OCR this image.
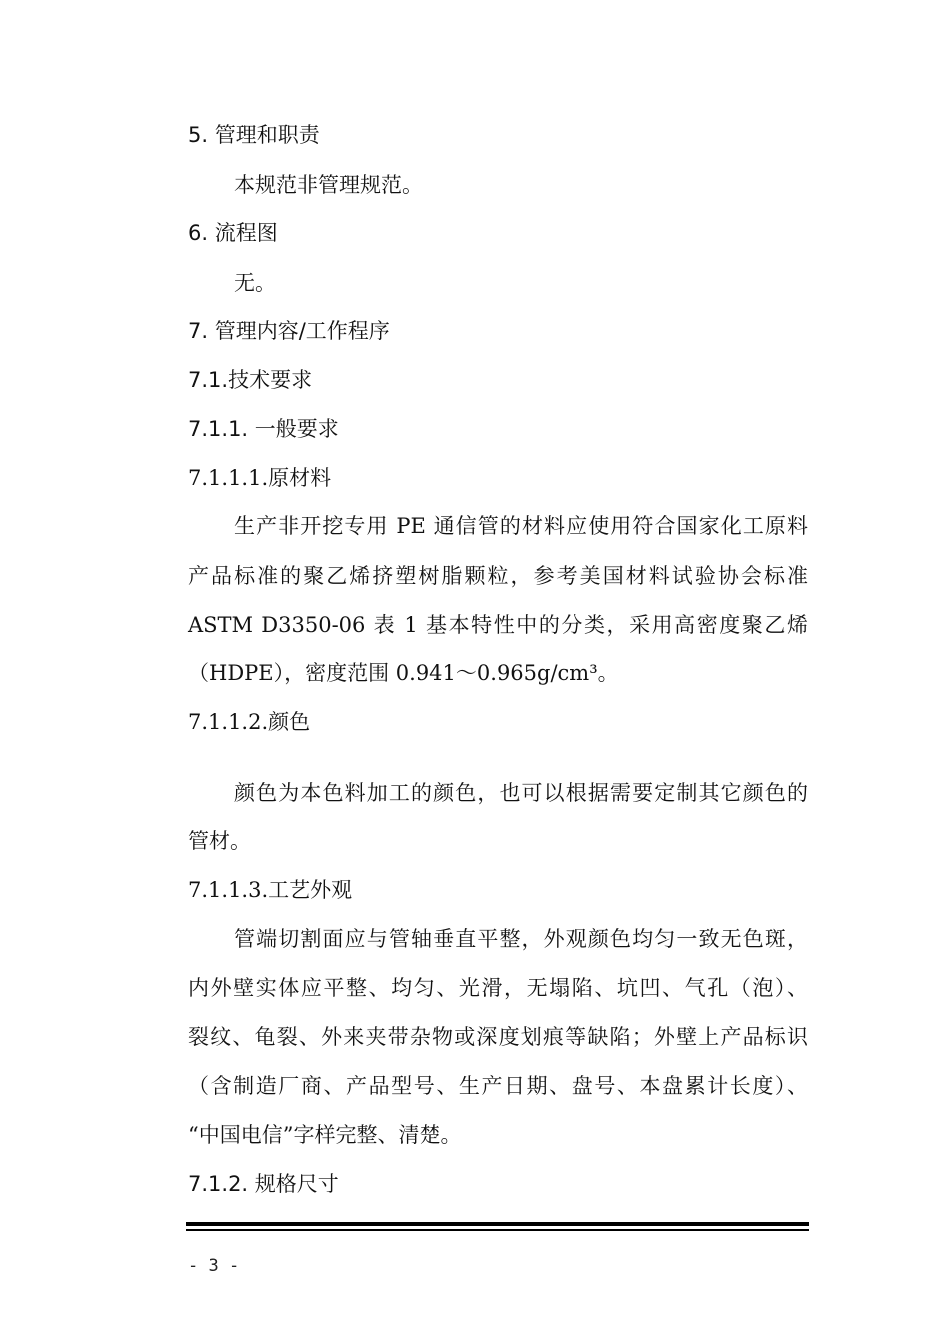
5. 管理和职责
本规范非管理规范。
6. 流程图
无。
7. 管理内容/工作程序
7.1.技术要求
7.1.1. 一般要求
7.1.1.1.原材料
生产非开挖专用 PE 通信管的材料应使用符合国家化工原料
产品标准的聚乙烯挤塑树脂颗粒，参考美国材料试验协会标准
ASTM D3350-06 表 1 基本特性中的分类，采用高密度聚乙烯
（HDPE），密度范围 0.941～0.965g/cm³。
7.1.1.2.颜色
颜色为本色料加工的颜色，也可以根据需要定制其它颜色的
管材。
7.1.1.3.工艺外观
管端切割面应与管轴垂直平整，外观颜色均匀一致无色斑，
内外壁实体应平整、均匀、光滑，无塌陷、坑凹、气孔（泡）、
裂纹、龟裂、外来夹带杂物或深度划痕等缺陷；外壁上产品标识
（含制造厂商、产品型号、生产日期、盘号、本盘累计长度）、
“中国电信”字样完整、清楚。
7.1.2. 规格尺寸
- 3 -
